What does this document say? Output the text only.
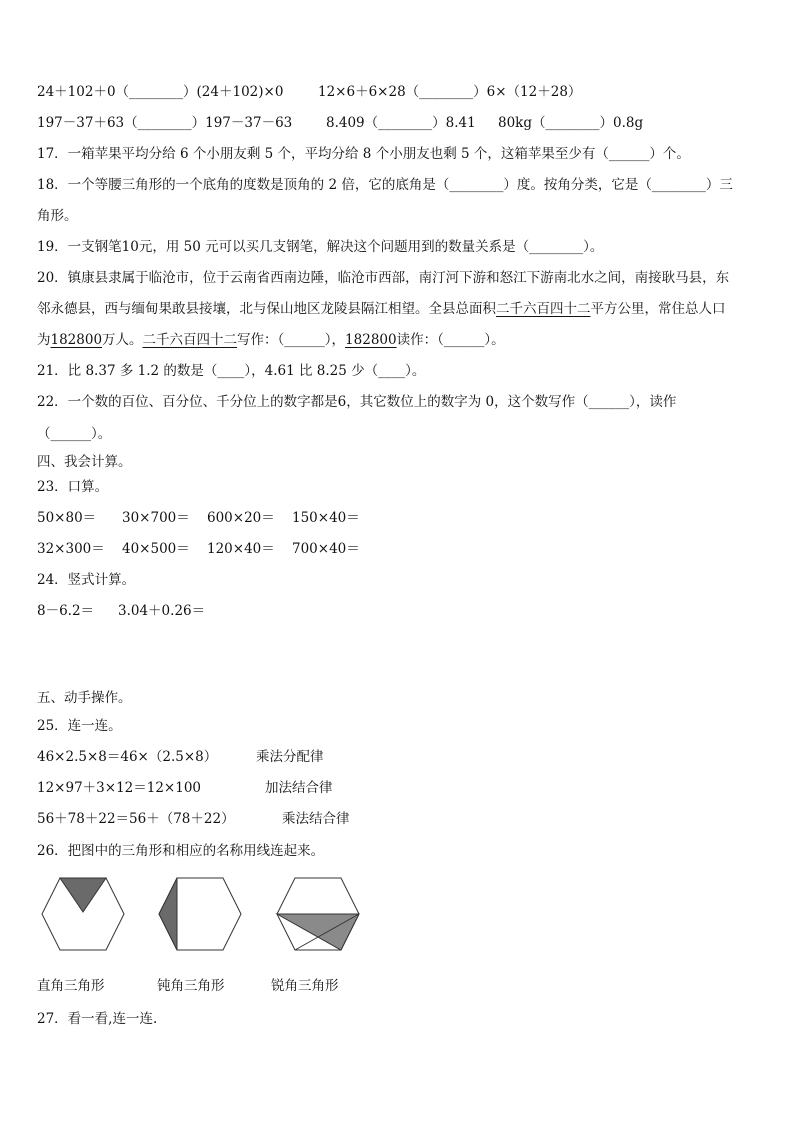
24＋102＋0（________）(24＋102)×0	12×6＋6×28（________）6×（12＋28）
197－37＋63（________）197－37－63	8.409（________）8.41 80kg（________）0.8g
17．一箱苹果平均分给 6 个小朋友剩 5 个，平均分给 8 个小朋友也剩 5 个，这箱苹果至少有（______）个。
18．一个等腰三角形的一个底角的度数是顶角的 2 倍，它的底角是（________）度。按角分类，它是（________）三
角形。
19．一支钢笔10元，用 50 元可以买几支钢笔，解决这个问题用到的数量关系是（________）。
20．镇康县隶属于临沧市，位于云南省西南边陲，临沧市西部，南汀河下游和怒江下游南北水之间，南接耿马县，东
邻永德县，西与缅甸果敢县接壤，北与保山地区龙陵县隔江相望。全县总面积二千六百四十二平方公里，常住总人口
为182800万人。二千六百四十二写作：（______），182800读作：（______）。
21．比 8.37 多 1.2 的数是（____），4.61 比 8.25 少（____）。
22．一个数的百位、百分位、千分位上的数字都是6，其它数位上的数字为 0，这个数写作（______），读作
（______）。
四、我会计算。
23．口算。
50×80＝ 30×700＝ 600×20＝ 150×40＝
32×300＝ 40×500＝ 120×40＝ 700×40＝
24．竖式计算。
8－6.2＝ 3.04＋0.26＝
五、动手操作。
25．连一连。
46×2.5×8＝46×（2.5×8）	乘法分配律
12×97＋3×12＝12×100	加法结合律
56＋78＋22＝56＋（78＋22）	乘法结合律
26．把图中的三角形和相应的名称用线连起来。
直角三角形	钝角三角形	锐角三角形
27．看一看,连一连.
